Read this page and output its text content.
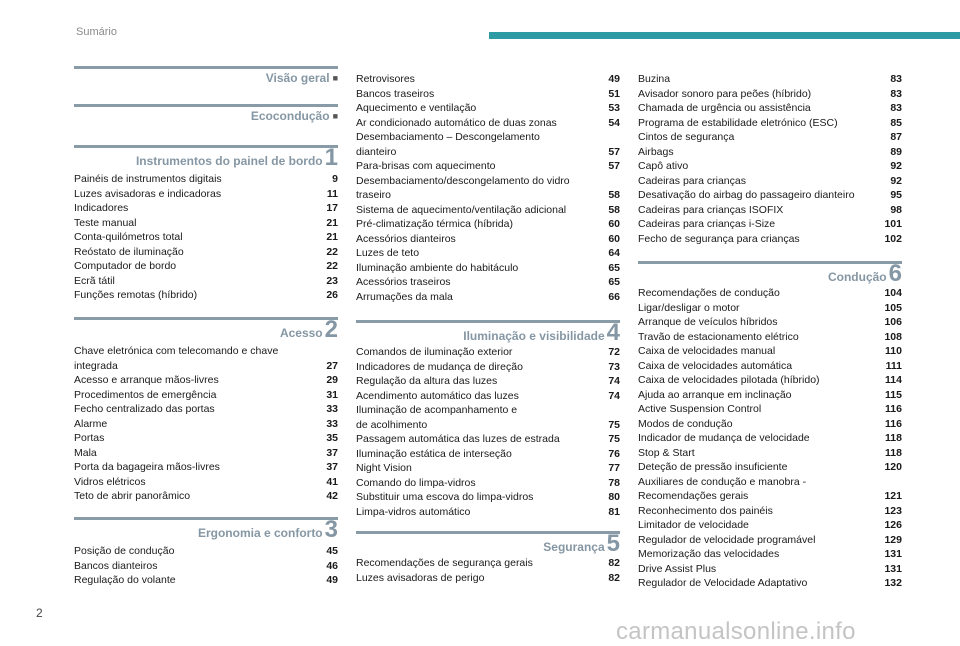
Sumário
Visão geral ■
Ecocondução ■
$^{Instrumentos do painel de bordo}$1
Painéis de instrumentos digitais	9
Luzes avisadoras e indicadoras	11
Indicadores	17
Teste manual	21
Conta-quilómetros total	21
Reóstato de iluminação	22
Computador de bordo	22
Ecrã tátil	23
Funções remotas (híbrido)	26
$^{Acesso}$2
Chave eletrónica com telecomando e chave
integrada	27
Acesso e arranque mãos-livres	29
Procedimentos de emergência	31
Fecho centralizado das portas	33
Alarme	33
Portas	35
Mala	37
Porta da bagageira mãos-livres	37
Vidros elétricos	41
Teto de abrir panorâmico	42
$^{Ergonomia e conforto}$3
Posição de condução	45
Bancos dianteiros	46
Regulação do volante	49
Retrovisores	49
Bancos traseiros	51
Aquecimento e ventilação	53
Ar condicionado automático de duas zonas	54
Desembaciamento – Descongelamento
dianteiro	57
Para-brisas com aquecimento	57
Desembaciamento/descongelamento do vidro
traseiro	58
Sistema de aquecimento/ventilação adicional	58
Pré-climatização térmica (híbrida)	60
Acessórios dianteiros	60
Luzes de teto	64
Iluminação ambiente do habitáculo	65
Acessórios traseiros	65
Arrumações da mala	66
$^{Iluminação e visibilidade}$4
Comandos de iluminação exterior	72
Indicadores de mudança de direção	73
Regulação da altura das luzes	74
Acendimento automático das luzes	74
Iluminação de acompanhamento e
de acolhimento	75
Passagem automática das luzes de estrada	75
Iluminação estática de interseção	76
Night Vision	77
Comando do limpa-vidros	78
Substituir uma escova do limpa-vidros	80
Limpa-vidros automático	81
$^{Segurança}$5
Recomendações de segurança gerais	82
Luzes avisadoras de perigo	82
Buzina	83
Avisador sonoro para peões (híbrido)	83
Chamada de urgência ou assistência	83
Programa de estabilidade eletrónico (ESC)	85
Cintos de segurança	87
Airbags	89
Capô ativo	92
Cadeiras para crianças	92
Desativação do airbag do passageiro dianteiro	95
Cadeiras para crianças ISOFIX	98
Cadeiras para crianças i-Size	101
Fecho de segurança para crianças	102
$^{Condução}$6
Recomendações de condução	104
Ligar/desligar o motor	105
Arranque de veículos híbridos	106
Travão de estacionamento elétrico	108
Caixa de velocidades manual	110
Caixa de velocidades automática	111
Caixa de velocidades pilotada (híbrido)	114
Ajuda ao arranque em inclinação	115
Active Suspension Control	116
Modos de condução	116
Indicador de mudança de velocidade	118
Stop & Start	118
Deteção de pressão insuficiente	120
Auxiliares de condução e manobra -
Recomendações gerais	121
Reconhecimento dos painéis	123
Limitador de velocidade	126
Regulador de velocidade programável	129
Memorização das velocidades	131
Drive Assist Plus	131
Regulador de Velocidade Adaptativo	132
2
carmanualsonline.info
